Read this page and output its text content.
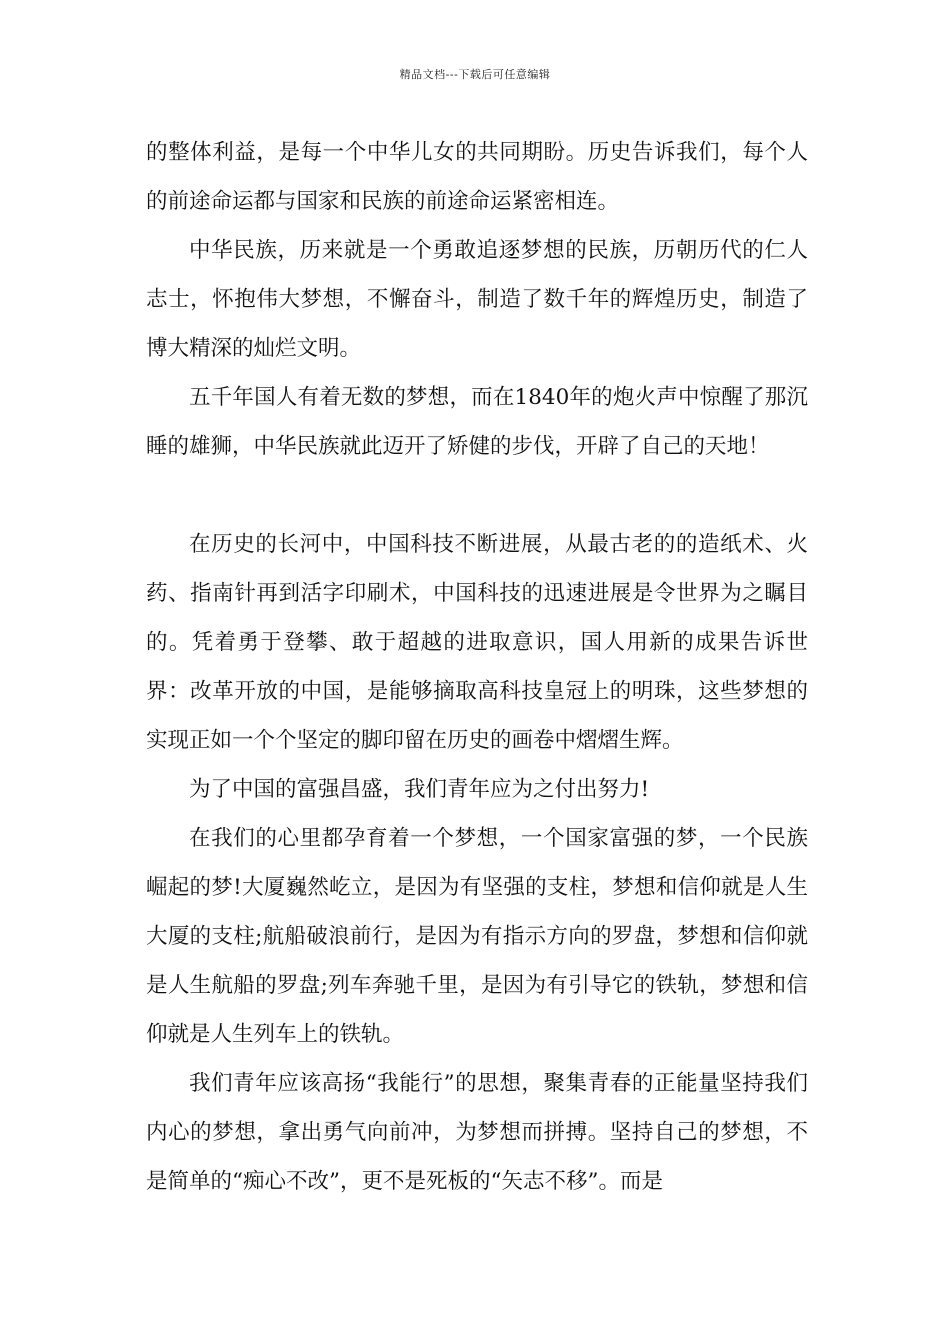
精品文档---下载后可任意编辑

的整体利益，是每一个中华儿女的共同期盼。历史告诉我们，每个人的前途命运都与国家和民族的前途命运紧密相连。

中华民族，历来就是一个勇敢追逐梦想的民族，历朝历代的仁人志士，怀抱伟大梦想，不懈奋斗，制造了数千年的辉煌历史，制造了博大精深的灿烂文明。

五千年国人有着无数的梦想，而在1840年的炮火声中惊醒了那沉睡的雄狮，中华民族就此迈开了矫健的步伐，开辟了自己的天地！

在历史的长河中，中国科技不断进展，从最古老的的造纸术、火药、指南针再到活字印刷术，中国科技的迅速进展是令世界为之瞩目的。凭着勇于登攀、敢于超越的进取意识，国人用新的成果告诉世界：改革开放的中国，是能够摘取高科技皇冠上的明珠，这些梦想的实现正如一个个坚定的脚印留在历史的画卷中熠熠生辉。

为了中国的富强昌盛，我们青年应为之付出努力!

在我们的心里都孕育着一个梦想，一个国家富强的梦，一个民族崛起的梦!大厦巍然屹立，是因为有坚强的支柱，梦想和信仰就是人生大厦的支柱;航船破浪前行，是因为有指示方向的罗盘，梦想和信仰就是人生航船的罗盘;列车奔驰千里，是因为有引导它的铁轨，梦想和信仰就是人生列车上的铁轨。

我们青年应该高扬“我能行”的思想，聚集青春的正能量坚持我们内心的梦想，拿出勇气向前冲，为梦想而拼搏。坚持自己的梦想，不是简单的“痴心不改”，更不是死板的“矢志不移”。而是
